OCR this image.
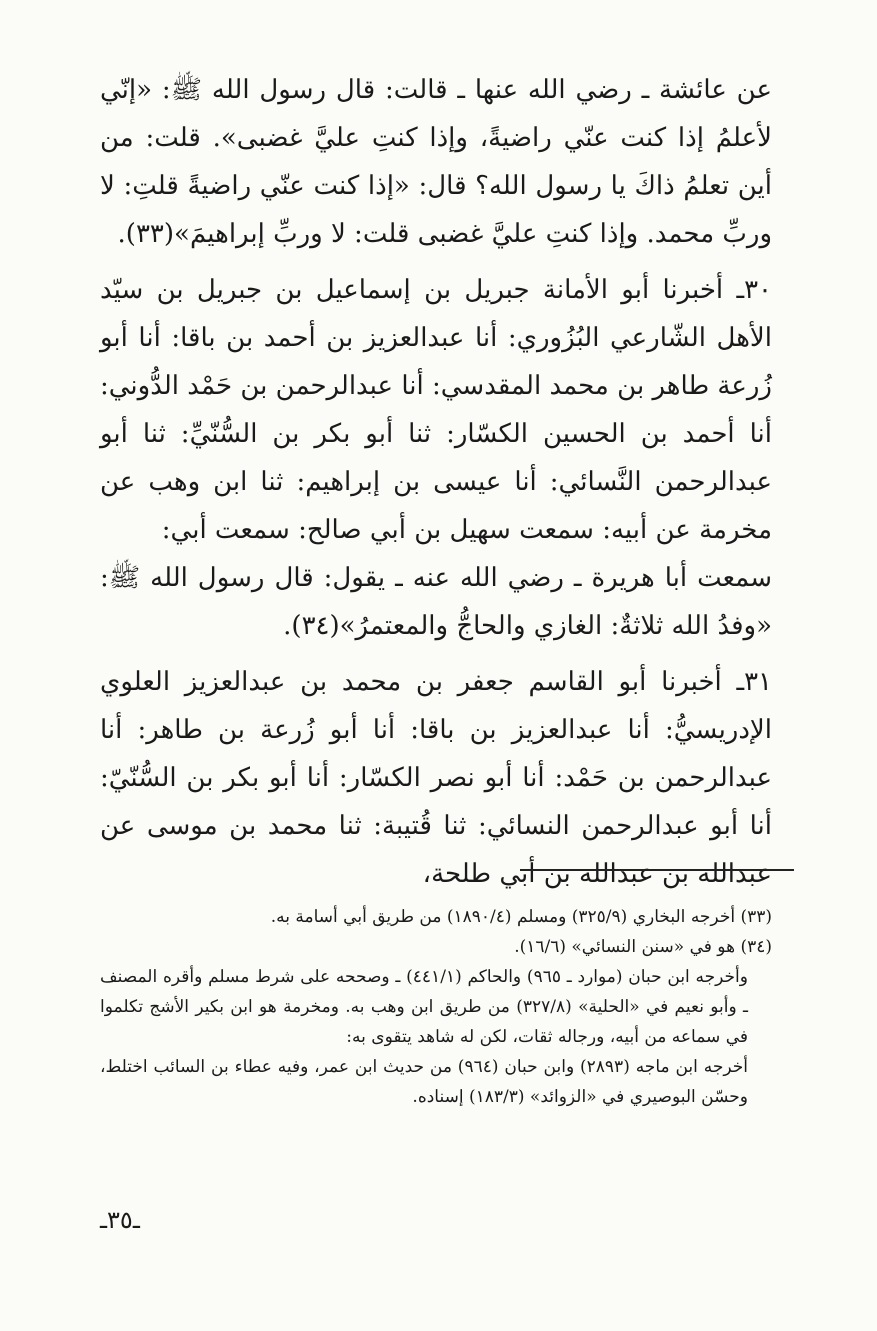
عن عائشة ـ رضي الله عنها ـ قالت: قال رسول الله ﷺ: «إنّي لأعلمُ إذا كنت عنّي راضيةً، وإذا كنتِ عليَّ غضبى». قلت: من أين تعلمُ ذاكَ يا رسول الله؟ قال: «إذا كنت عنّي راضيةً قلتِ: لا وربِّ محمد. وإذا كنتِ عليَّ غضبى قلت: لا وربِّ إبراهيمَ»(٣٣).

٣٠ـ أخبرنا أبو الأمانة جبريل بن إسماعيل بن جبريل بن سيّد الأهل الشّارعي البُزُوري: أنا عبدالعزيز بن أحمد بن باقا: أنا أبو زُرعة طاهر بن محمد المقدسي: أنا عبدالرحمن بن حَمْد الدُّوني: أنا أحمد بن الحسين الكسّار: ثنا أبو بكر بن السُّنّيِّ: ثنا أبو عبدالرحمن النَّسائي: أنا عيسى بن إبراهيم: ثنا ابن وهب عن مخرمة عن أبيه: سمعت سهيل بن أبي صالح: سمعت أبي:

سمعت أبا هريرة ـ رضي الله عنه ـ يقول: قال رسول الله ﷺ: «وفدُ الله ثلاثةٌ: الغازي والحاجُّ والمعتمرُ»(٣٤).

٣١ـ أخبرنا أبو القاسم جعفر بن محمد بن عبدالعزيز العلوي الإدريسيُّ: أنا عبدالعزيز بن باقا: أنا أبو زُرعة بن طاهر: أنا عبدالرحمن بن حَمْد: أنا أبو نصر الكسّار: أنا أبو بكر بن السُّنّيّ: أنا أبو عبدالرحمن النسائي: ثنا قُتيبة: ثنا محمد بن موسى عن عبدالله بن عبدالله بن أبي طلحة،

(٣٣) أخرجه البخاري (٣٢٥/٩) ومسلم (١٨٩٠/٤) من طريق أبي أسامة به.

(٣٤) هو في «سنن النسائي» (١٦/٦).

وأخرجه ابن حبان (موارد ـ ٩٦٥) والحاكم (٤٤١/١) ـ وصححه على شرط مسلم وأقره المصنف ـ وأبو نعيم في «الحلية» (٣٢٧/٨) من طريق ابن وهب به. ومخرمة هو ابن بكير الأشج تكلموا في سماعه من أبيه، ورجاله ثقات، لكن له شاهد يتقوى به:

أخرجه ابن ماجه (٢٨٩٣) وابن حبان (٩٦٤) من حديث ابن عمر، وفيه عطاء بن السائب اختلط، وحسّن البوصيري في «الزوائد» (١٨٣/٣) إسناده.

ـ٣٥ـ
